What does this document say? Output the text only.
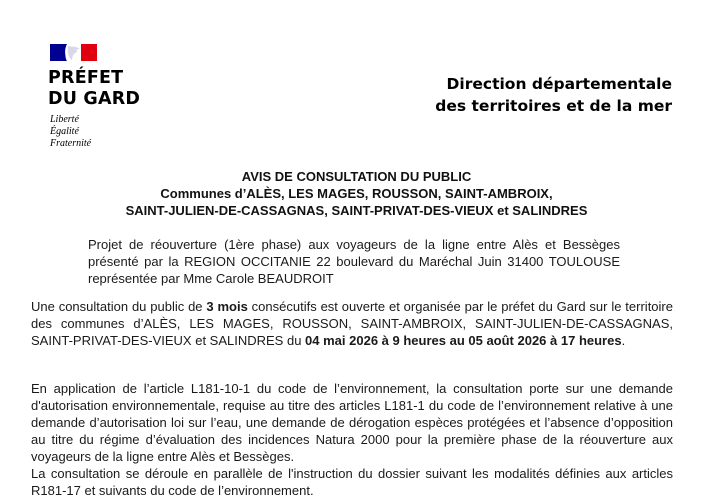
PRÉFET
DU GARD
Liberté
Égalité
Fraternité
Direction départementale
des territoires et de la mer
AVIS DE CONSULTATION DU PUBLIC
Communes d’ALÈS, LES MAGES, ROUSSON, SAINT-AMBROIX,
SAINT-JULIEN-DE-CASSAGNAS, SAINT-PRIVAT-DES-VIEUX et SALINDRES
Projet de réouverture (1ère phase) aux voyageurs de la ligne entre Alès et Bessèges présenté par la REGION OCCITANIE 22 boulevard du Maréchal Juin 31400 TOULOUSE représentée par Mme Carole BEAUDROIT
Une consultation du public de 3 mois consécutifs est ouverte et organisée par le préfet du Gard sur le territoire des communes d’ALÈS, LES MAGES, ROUSSON, SAINT-AMBROIX, SAINT-JULIEN-DE-CASSAGNAS, SAINT-PRIVAT-DES-VIEUX et SALINDRES du 04 mai 2026 à 9 heures au 05 août 2026 à 17 heures.
En application de l’article L181-10-1 du code de l’environnement, la consultation porte sur une demande d'autorisation environnementale, requise au titre des articles L181-1 du code de l’environnement relative à une demande d’autorisation loi sur l’eau, une demande de dérogation espèces protégées et l’absence d’opposition au titre du régime d’évaluation des incidences Natura 2000 pour la première phase de la réouverture aux voyageurs de la ligne entre Alès et Bessèges.
La consultation se déroule en parallèle de l'instruction du dossier suivant les modalités définies aux articles R181-17 et suivants du code de l’environnement.
